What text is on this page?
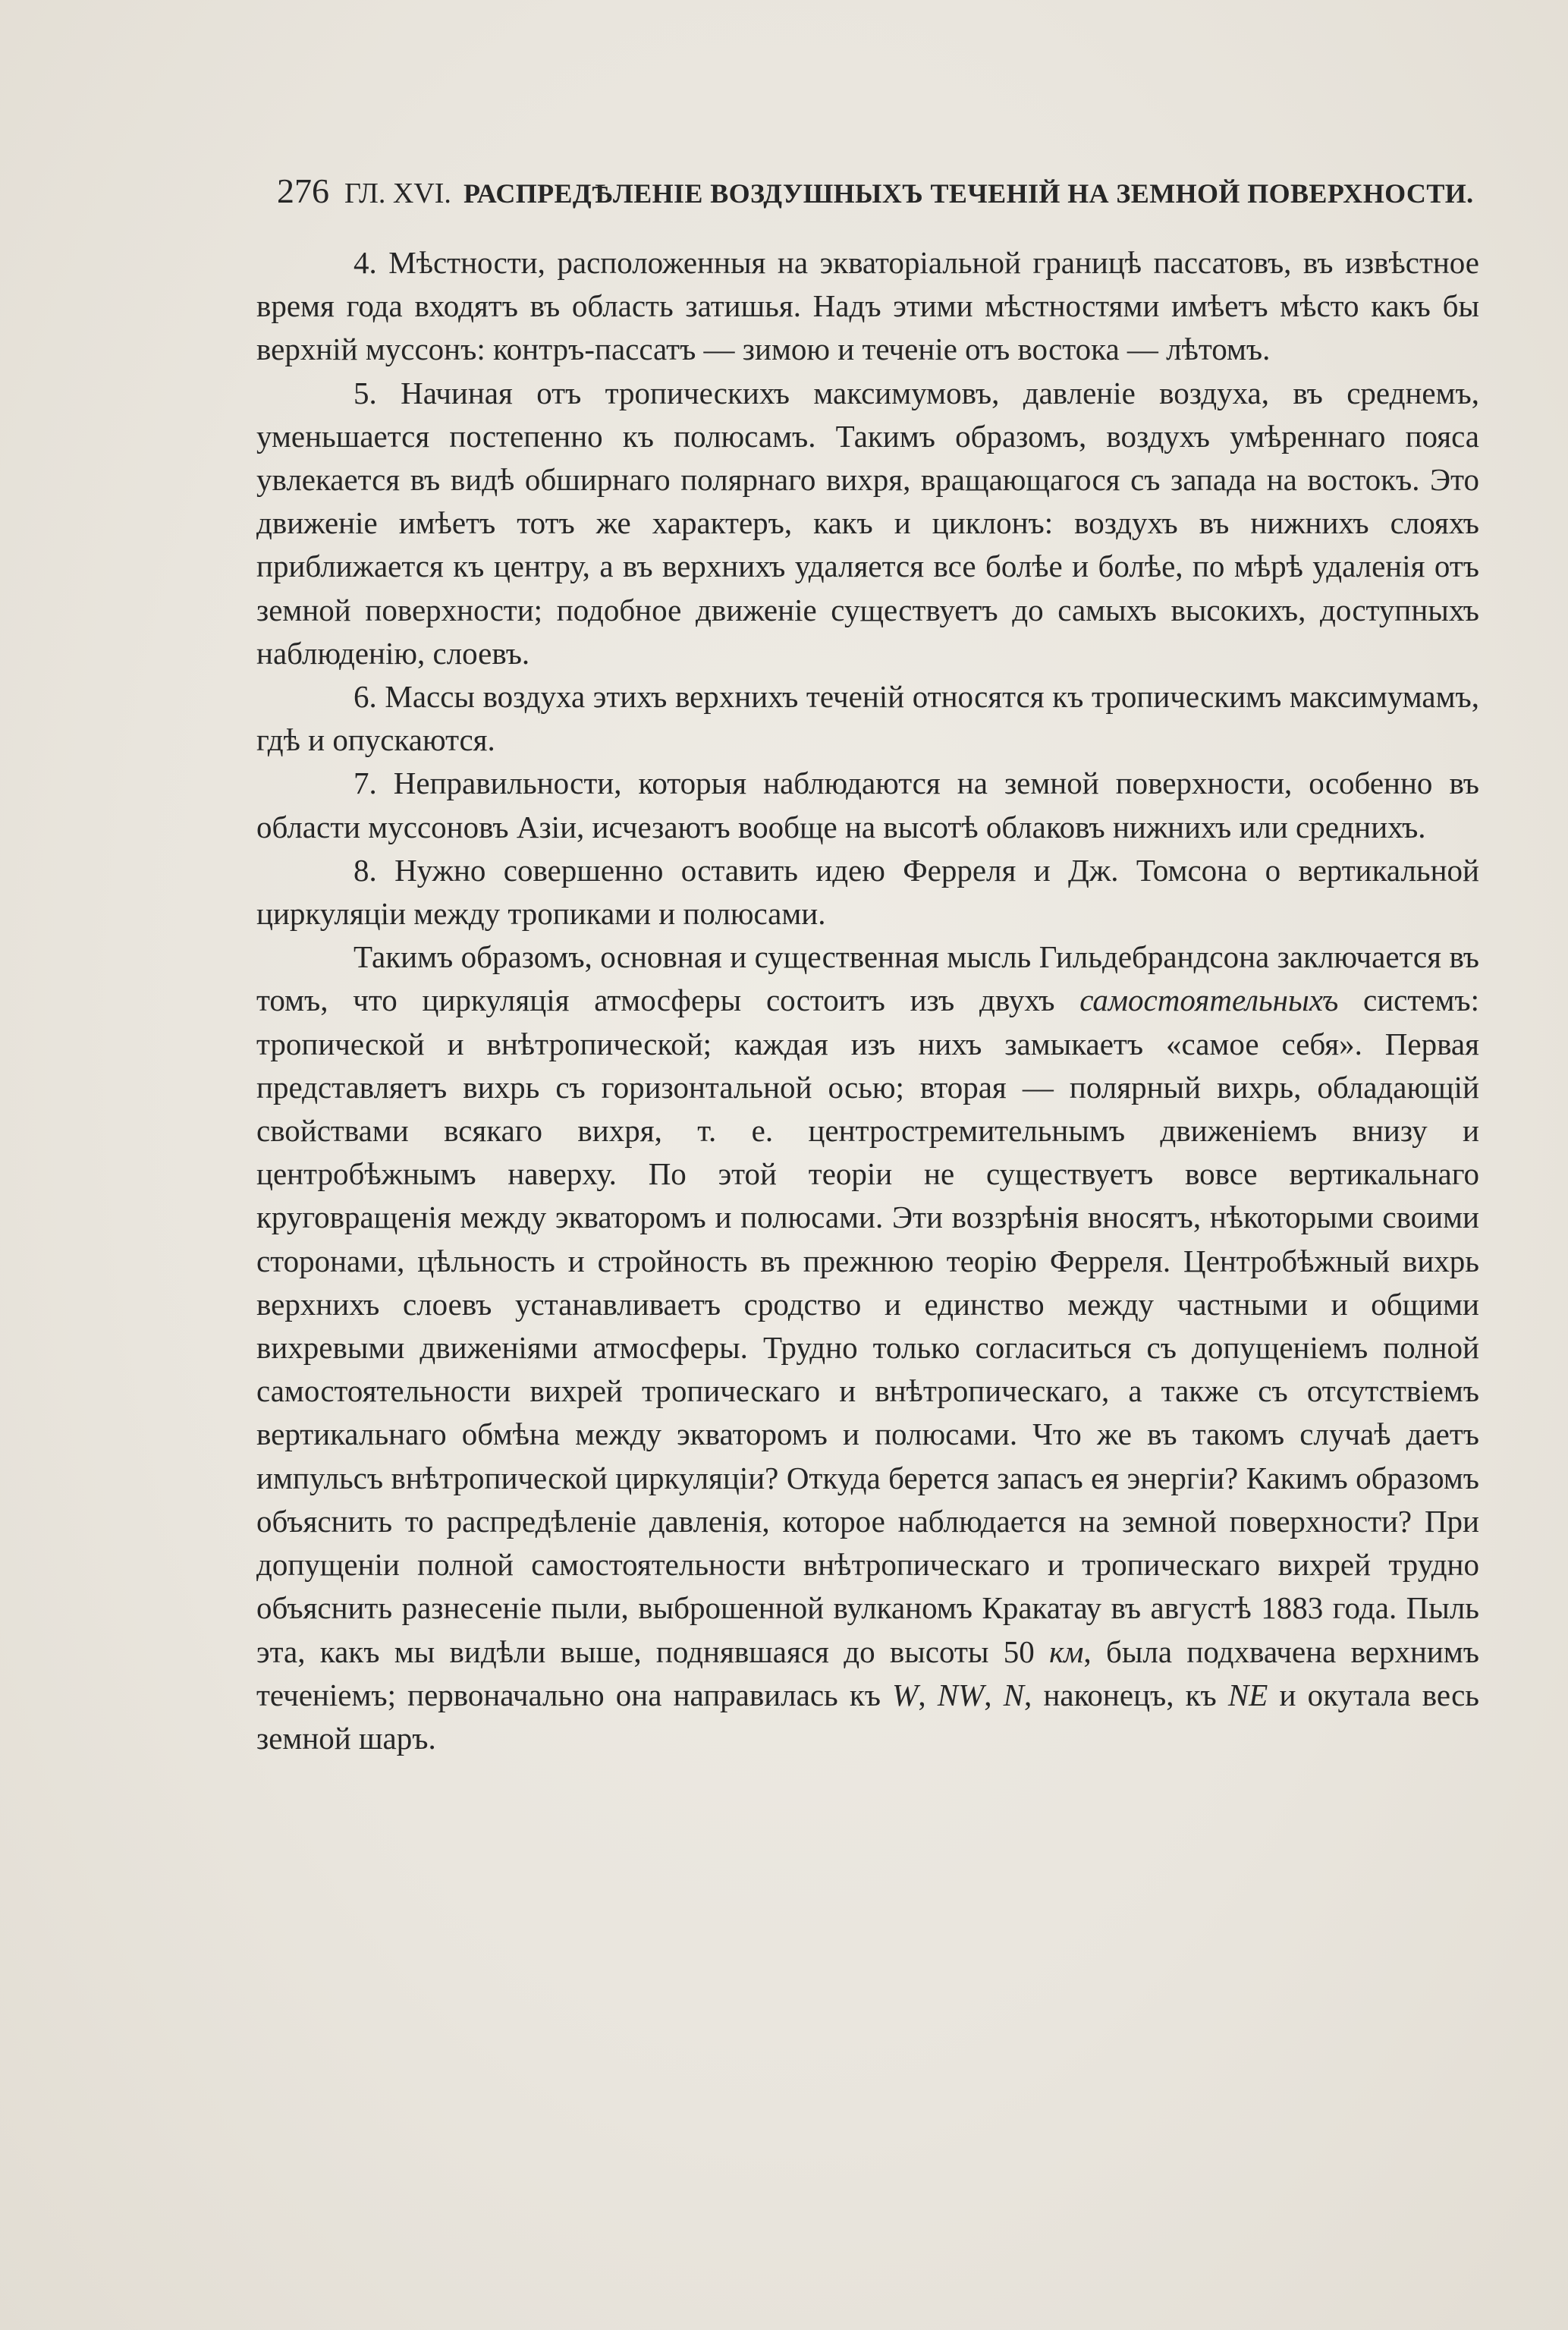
276 ГЛ. XVI. РАСПРЕДѢЛЕНІЕ ВОЗДУШНЫХЪ ТЕЧЕНІЙ НА ЗЕМНОЙ ПОВЕРХНОСТИ.

4. Мѣстности, расположенныя на экваторіальной границѣ пассатовъ, въ извѣстное время года входятъ въ область затишья. Надъ этими мѣстностями имѣетъ мѣсто какъ бы верхній муссонъ: контръ-пассатъ — зимою и теченіе отъ востока — лѣтомъ.

5. Начиная отъ тропическихъ максимумовъ, давленіе воздуха, въ среднемъ, уменьшается постепенно къ полюсамъ. Такимъ образомъ, воздухъ умѣреннаго пояса увлекается въ видѣ обширнаго полярнаго вихря, вращающагося съ запада на востокъ. Это движеніе имѣетъ тотъ же характеръ, какъ и циклонъ: воздухъ въ нижнихъ слояхъ приближается къ центру, а въ верхнихъ удаляется все болѣе и болѣе, по мѣрѣ удаленія отъ земной поверхности; подобное движеніе существуетъ до самыхъ высокихъ, доступныхъ наблюденію, слоевъ.

6. Массы воздуха этихъ верхнихъ теченій относятся къ тропическимъ максимумамъ, гдѣ и опускаются.

7. Неправильности, которыя наблюдаются на земной поверхности, особенно въ области муссоновъ Азіи, исчезаютъ вообще на высотѣ облаковъ нижнихъ или среднихъ.

8. Нужно совершенно оставить идею Ферреля и Дж. Томсона о вертикальной циркуляціи между тропиками и полюсами.

Такимъ образомъ, основная и существенная мысль Гильдебрандсона заключается въ томъ, что циркуляція атмосферы состоитъ изъ двухъ самостоятельныхъ системъ: тропической и внѣтропической; каждая изъ нихъ замыкаетъ «самое себя». Первая представляетъ вихрь съ горизонтальной осью; вторая — полярный вихрь, обладающій свойствами всякаго вихря, т. е. центростремительнымъ движеніемъ внизу и центробѣжнымъ наверху. По этой теоріи не существуетъ вовсе вертикальнаго круговращенія между экваторомъ и полюсами. Эти воззрѣнія вносятъ, нѣкоторыми своими сторонами, цѣльность и стройность въ прежнюю теорію Ферреля. Центробѣжный вихрь верхнихъ слоевъ устанавливаетъ сродство и единство между частными и общими вихревыми движеніями атмосферы. Трудно только согласиться съ допущеніемъ полной самостоятельности вихрей тропическаго и внѣтропическаго, а также съ отсутствіемъ вертикальнаго обмѣна между экваторомъ и полюсами. Что же въ такомъ случаѣ даетъ импульсъ внѣтропической циркуляціи? Откуда берется запасъ ея энергіи? Какимъ образомъ объяснить то распредѣленіе давленія, которое наблюдается на земной поверхности? При допущеніи полной самостоятельности внѣтропическаго и тропическаго вихрей трудно объяснить разнесеніе пыли, выброшенной вулканомъ Кракатау въ августѣ 1883 года. Пыль эта, какъ мы видѣли выше, поднявшаяся до высоты 50 км, была подхвачена верхнимъ теченіемъ; первоначально она направилась къ W, NW, N, наконецъ, къ NE и окутала весь земной шаръ.
